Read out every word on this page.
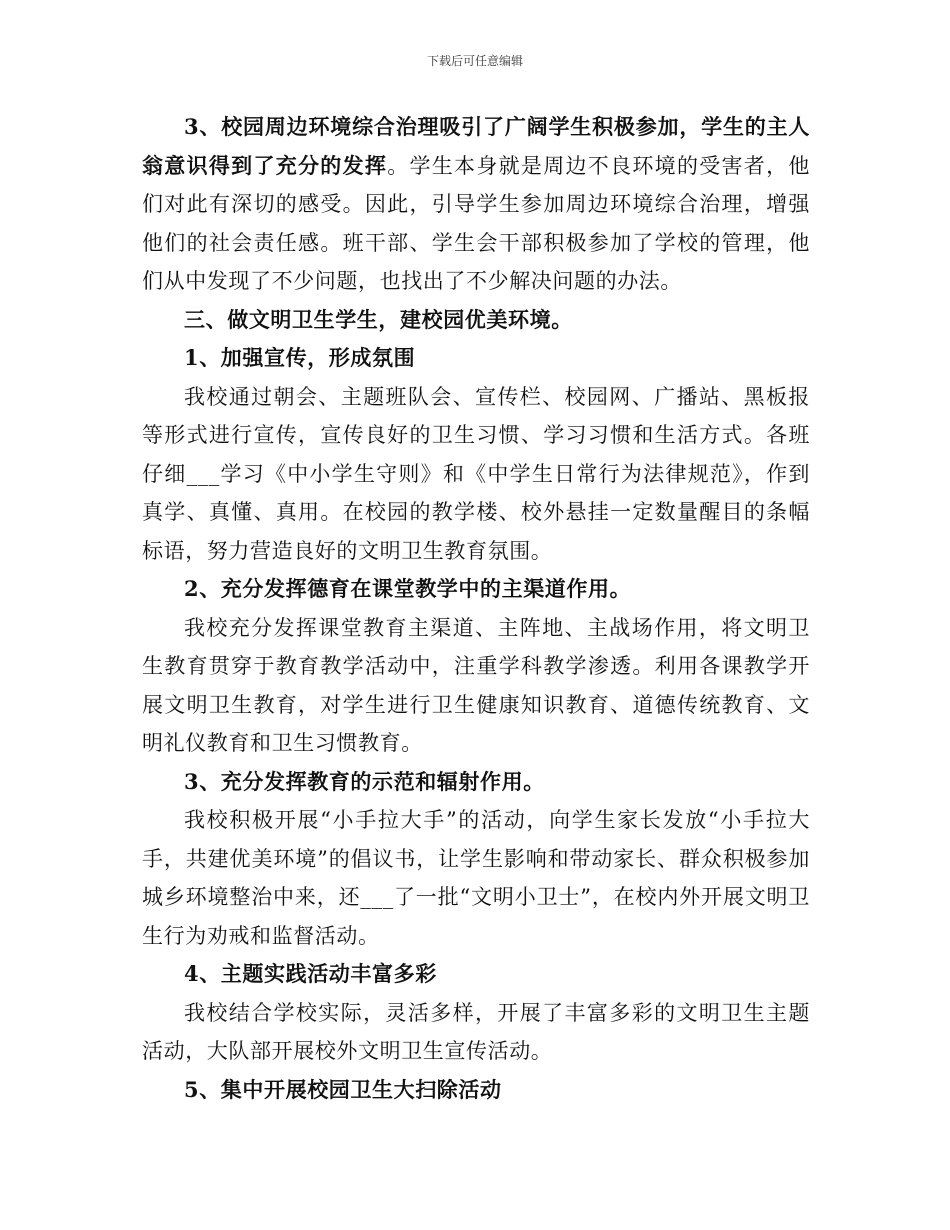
下载后可任意编辑

3、校园周边环境综合治理吸引了广阔学生积极参加，学生的主人翁意识得到了充分的发挥。学生本身就是周边不良环境的受害者，他们对此有深切的感受。因此，引导学生参加周边环境综合治理，增强他们的社会责任感。班干部、学生会干部积极参加了学校的管理，他们从中发现了不少问题，也找出了不少解决问题的办法。

三、做文明卫生学生，建校园优美环境。

1、加强宣传，形成氛围

我校通过朝会、主题班队会、宣传栏、校园网、广播站、黑板报等形式进行宣传，宣传良好的卫生习惯、学习习惯和生活方式。各班仔细___学习《中小学生守则》和《中学生日常行为法律规范》，作到真学、真懂、真用。在校园的教学楼、校外悬挂一定数量醒目的条幅标语，努力营造良好的文明卫生教育氛围。

2、充分发挥德育在课堂教学中的主渠道作用。

我校充分发挥课堂教育主渠道、主阵地、主战场作用，将文明卫生教育贯穿于教育教学活动中，注重学科教学渗透。利用各课教学开展文明卫生教育，对学生进行卫生健康知识教育、道德传统教育、文明礼仪教育和卫生习惯教育。

3、充分发挥教育的示范和辐射作用。

我校积极开展“小手拉大手”的活动，向学生家长发放“小手拉大手，共建优美环境”的倡议书，让学生影响和带动家长、群众积极参加城乡环境整治中来，还___了一批“文明小卫士”，在校内外开展文明卫生行为劝戒和监督活动。

4、主题实践活动丰富多彩

我校结合学校实际，灵活多样，开展了丰富多彩的文明卫生主题活动，大队部开展校外文明卫生宣传活动。

5、集中开展校园卫生大扫除活动
